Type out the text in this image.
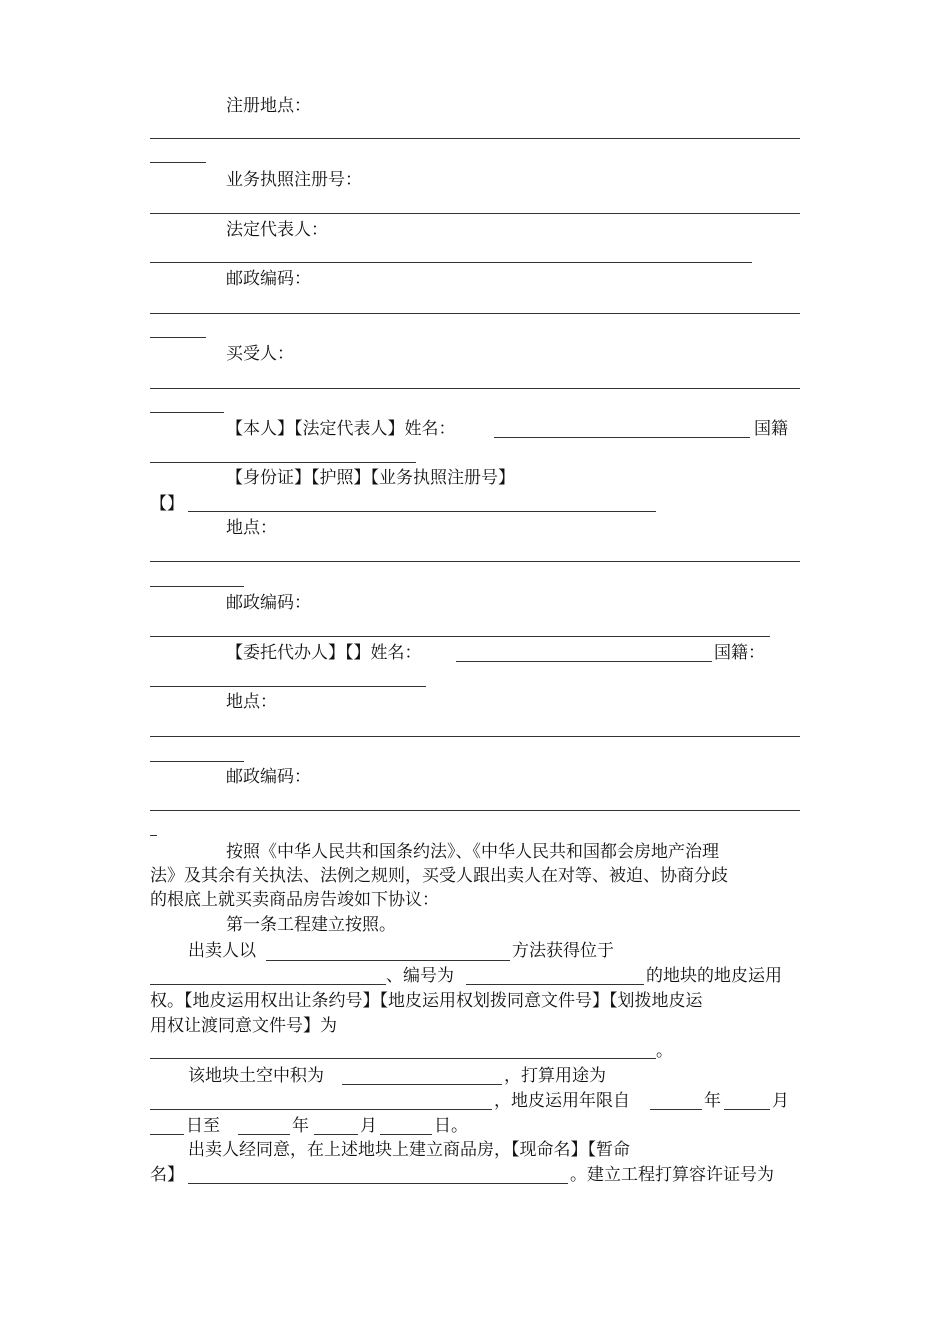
注册地点：
业务执照注册号：
法定代表人：
邮政编码：
买受人：
【本人】【法定代表人】姓名：	国籍
【身份证】【护照】【业务执照注册号】
【】
地点：
邮政编码：
【委托代办人】【】姓名：	国籍：
地点：
邮政编码：
按照《中华人民共和国条约法》、《中华人民共和国都会房地产治理
法》及其余有关执法、法例之规则，买受人跟出卖人在对等、被迫、协商分歧
的根底上就买卖商品房告竣如下协议：
第一条工程建立按照。
出卖人以	方法获得位于
、编号为	的地块的地皮运用
权。【地皮运用权出让条约号】【地皮运用权划拨同意文件号】【划拨地皮运
用权让渡同意文件号】为
。
该地块土空中积为	，打算用途为
，地皮运用年限自	年	月
日至	年	月	日。
出卖人经同意，在上述地块上建立商品房，【现命名】【暂命
名】	。建立工程打算容许证号为
